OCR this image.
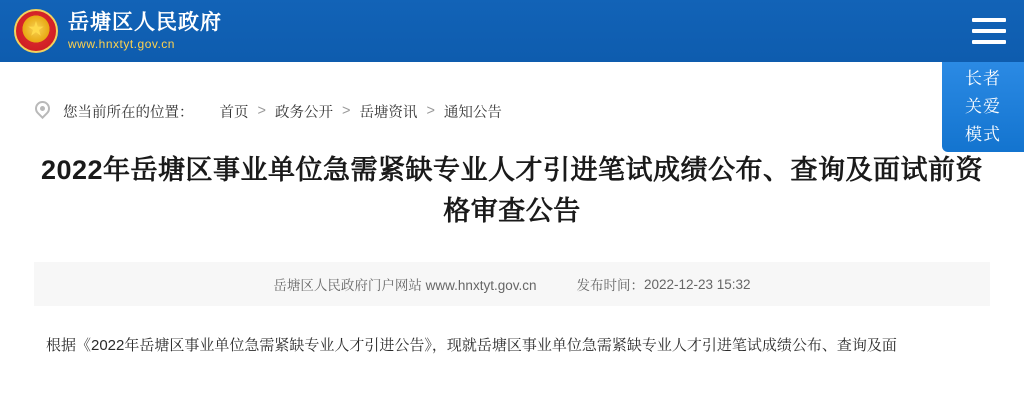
★
岳塘区人民政府
www.hnxtyt.gov.cn
长者
关爱
模式
您当前所在的位置： 首页 > 政务公开 > 岳塘资讯 > 通知公告
2022年岳塘区事业单位急需紧缺专业人才引进笔试成绩公布、查询及面试前资格审查公告
岳塘区人民政府门户网站 www.hnxtyt.gov.cn	发布时间： 2022-12-23 15:32

根据《2022年岳塘区事业单位急需紧缺专业人才引进公告》，现就岳塘区事业单位急需紧缺专业人才引进笔试成绩公布、查询及面
